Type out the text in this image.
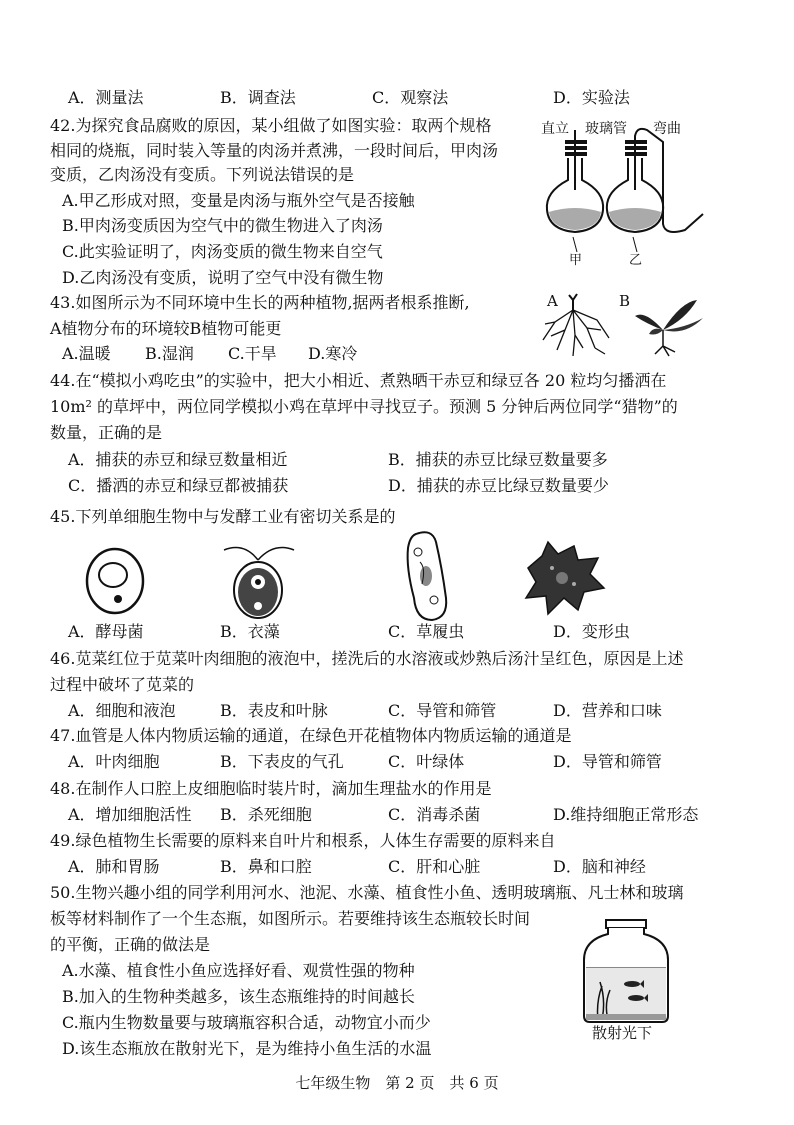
A．测量法	B．调查法	C．观察法	D．实验法
42.为探究食品腐败的原因，某小组做了如图实验：取两个规格
相同的烧瓶，同时装入等量的肉汤并煮沸，一段时间后，甲肉汤
变质，乙肉汤没有变质。下列说法错误的是
A.甲乙形成对照，变量是肉汤与瓶外空气是否接触
B.甲肉汤变质因为空气中的微生物进入了肉汤
C.此实验证明了，肉汤变质的微生物来自空气
D.乙肉汤没有变质，说明了空气中没有微生物
直立 玻璃管 弯曲
甲	乙
43.如图所示为不同环境中生长的两种植物,据两者根系推断,
A植物分布的环境较B植物可能更
A.温暖 B.湿润 C.干旱 D.寒冷
A	B
44.在“模拟小鸡吃虫”的实验中，把大小相近、煮熟晒干赤豆和绿豆各 20 粒均匀播洒在
10m² 的草坪中，两位同学模拟小鸡在草坪中寻找豆子。预测 5 分钟后两位同学“猎物”的
数量，正确的是
A．捕获的赤豆和绿豆数量相近	B．捕获的赤豆比绿豆数量要多
C．播洒的赤豆和绿豆都被捕获	D．捕获的赤豆比绿豆数量要少
45.下列单细胞生物中与发酵工业有密切关系是的
A．酵母菌	B．衣藻	C．草履虫	D．变形虫
46.苋菜红位于苋菜叶肉细胞的液泡中，搓洗后的水溶液或炒熟后汤汁呈红色，原因是上述
过程中破坏了苋菜的
A．细胞和液泡	B．表皮和叶脉	C．导管和筛管	D．营养和口味
47.血管是人体内物质运输的通道，在绿色开花植物体内物质运输的通道是
A．叶肉细胞	B．下表皮的气孔	C．叶绿体	D．导管和筛管
48.在制作人口腔上皮细胞临时装片时，滴加生理盐水的作用是
A．增加细胞活性 B．杀死细胞	C．消毒杀菌	D.维持细胞正常形态
49.绿色植物生长需要的原料来自叶片和根系，人体生存需要的原料来自
A．肺和胃肠	B．鼻和口腔	C．肝和心脏	D．脑和神经
50.生物兴趣小组的同学利用河水、池泥、水藻、植食性小鱼、透明玻璃瓶、凡士林和玻璃
板等材料制作了一个生态瓶，如图所示。若要维持该生态瓶较长时间
的平衡，正确的做法是
A.水藻、植食性小鱼应选择好看、观赏性强的物种
B.加入的生物种类越多，该生态瓶维持的时间越长
C.瓶内生物数量要与玻璃瓶容积合适，动物宜小而少
D.该生态瓶放在散射光下，是为维持小鱼生活的水温
散射光下
七年级生物　第 2 页　共 6 页
